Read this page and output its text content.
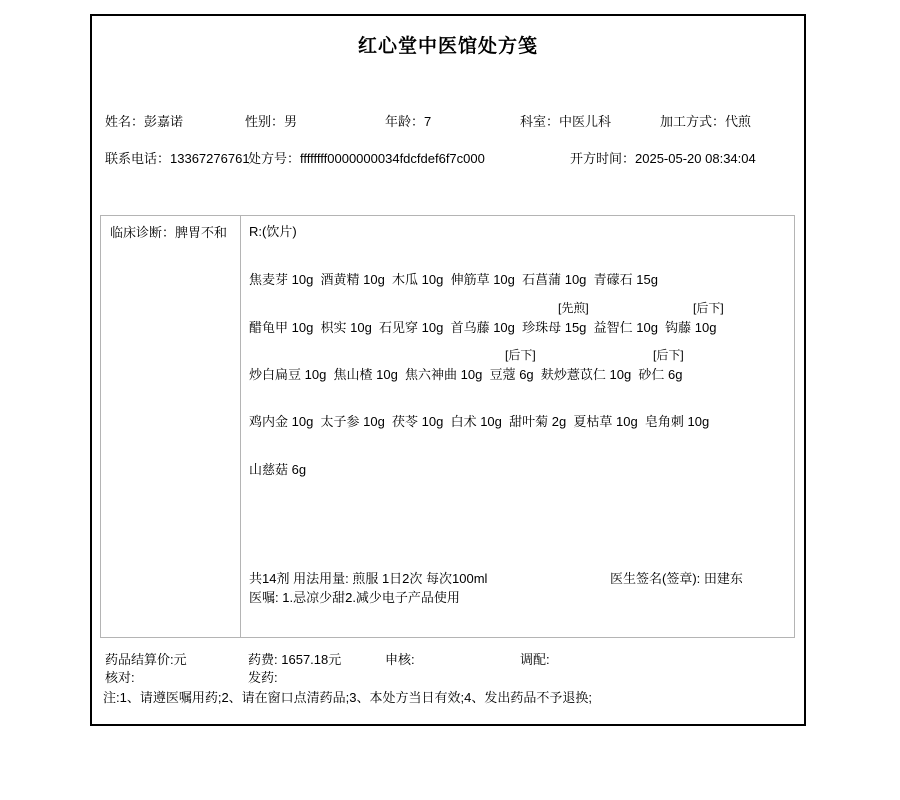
红心堂中医馆处方笺
姓名：彭嘉诺	性别：男	年龄：7	科室：中医儿科	加工方式：代煎
联系电话：13367276761
处方号：ffffffff0000000034fdcfdef6f7c000	开方时间：2025-05-20 08:34:04
临床诊断：脾胃不和 R:(饮片)
焦麦芽 10g  酒黄精 10g  木瓜 10g  伸筋草 10g  石菖蒲 10g  青礞石 15g
[先煎]	[后下]
醋龟甲 10g  枳实 10g  石见穿 10g  首乌藤 10g  珍珠母 15g  益智仁 10g  钩藤 10g
[后下]	[后下]
炒白扁豆 10g  焦山楂 10g  焦六神曲 10g  豆蔻 6g  麸炒薏苡仁 10g  砂仁 6g
鸡内金 10g  太子参 10g  茯苓 10g  白术 10g  甜叶菊 2g  夏枯草 10g  皂角刺 10g
山慈菇 6g
共14剂 用法用量: 煎服 1日2次 每次100ml	医生签名(签章): 田建东
医嘱: 1.忌凉少甜2.减少电子产品使用
药品结算价:元	药费: 1657.18元	申核:	调配:
核对:	发药:
注:1、请遵医嘱用药;2、请在窗口点清药品;3、本处方当日有效;4、发出药品不予退换;
